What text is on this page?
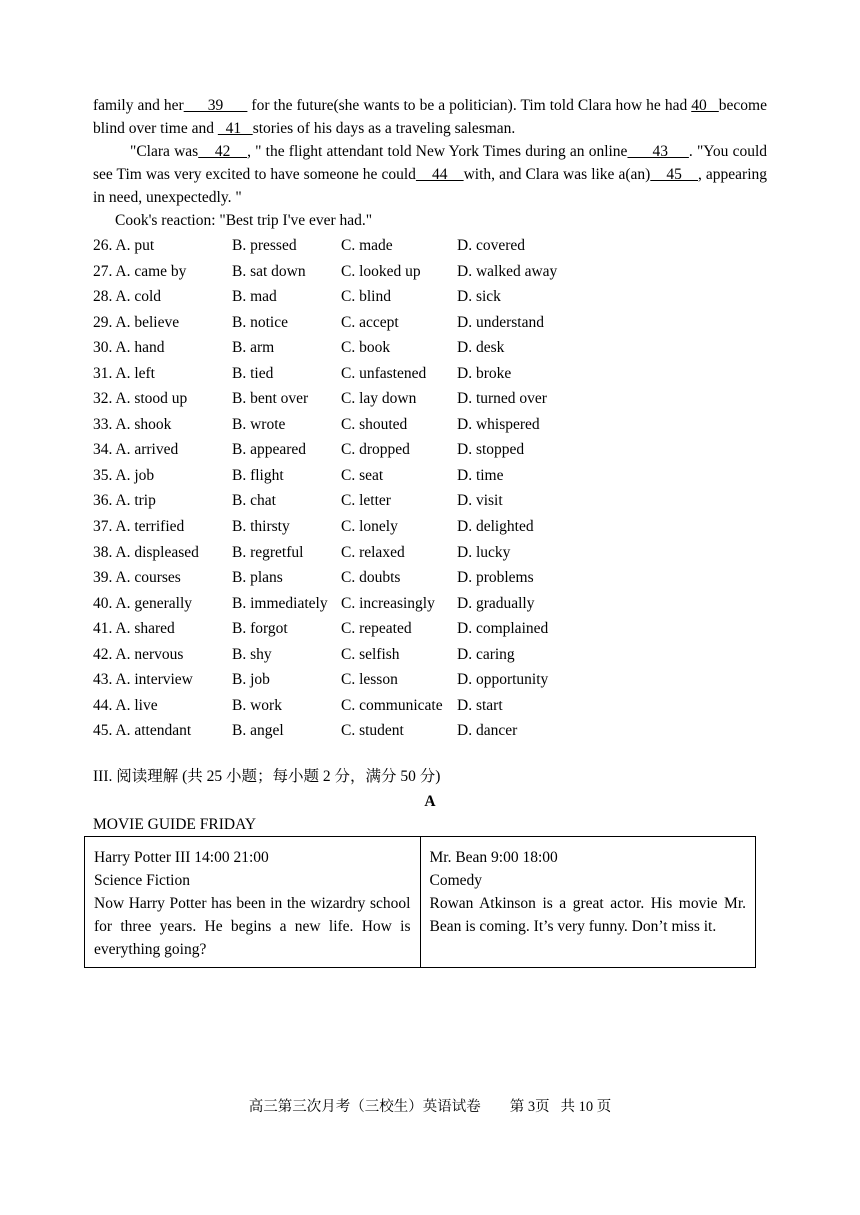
family and her      39       for the future(she wants to be a politician). Tim told Clara how he had 40   become blind over time and   41   stories of his days as a traveling salesman.

"Clara was    42    , " the flight attendant told New York Times during an online      43     . "You could see Tim was very excited to have someone he could    44    with, and Clara was like a(an)    45    , appearing in need, unexpectedly. "

Cook's reaction: "Best trip I've ever had."

26. A. put	B. pressed	C. made	D. covered
27. A. came by	B. sat down C. looked up D. walked away
28. A. cold	B. mad	C. blind	D. sick
29. A. believe	B. notice	C. accept	D. understand
30. A. hand	B. arm	C. book	D. desk
31. A. left	B. tied	C. unfastened D. broke
32. A. stood up	B. bent over C. lay down	D. turned over
33. A. shook	B. wrote	C. shouted	D. whispered
34. A. arrived	B. appeared C. dropped	D. stopped
35. A. job	B. flight	C. seat	D. time
36. A. trip	B. chat	C. letter	D. visit
37. A. terrified	B. thirsty	C. lonely	D. delighted
38. A. displeased B. regretful C. relaxed	D. lucky
39. A. courses	B. plans	C. doubts	D. problems
40. A. generally	B. immediately C. increasingly D. gradually
41. A. shared	B. forgot	C. repeated	D. complained
42. A. nervous	B. shy	C. selfish	D. caring
43. A. interview	B. job	C. lesson	D. opportunity
44. A. live	B. work	C. communicate D. start
45. A. attendant	B. angel	C. student	D. dancer
III. 阅读理解 (共 25 小题；每小题 2 分，满分 50 分)
A
MOVIE GUIDE FRIDAY

Harry Potter III 14:00 21:00

Science Fiction

Now Harry Potter has been in the wizardry school for three years. He begins a new life. How is everything going?

Mr. Bean 9:00 18:00

Comedy

Rowan Atkinson is a great actor. His movie Mr. Bean is coming. It’s very funny. Don’t miss it.

高三第三次月考（三校生）英语试卷 第 3页 共 10 页
